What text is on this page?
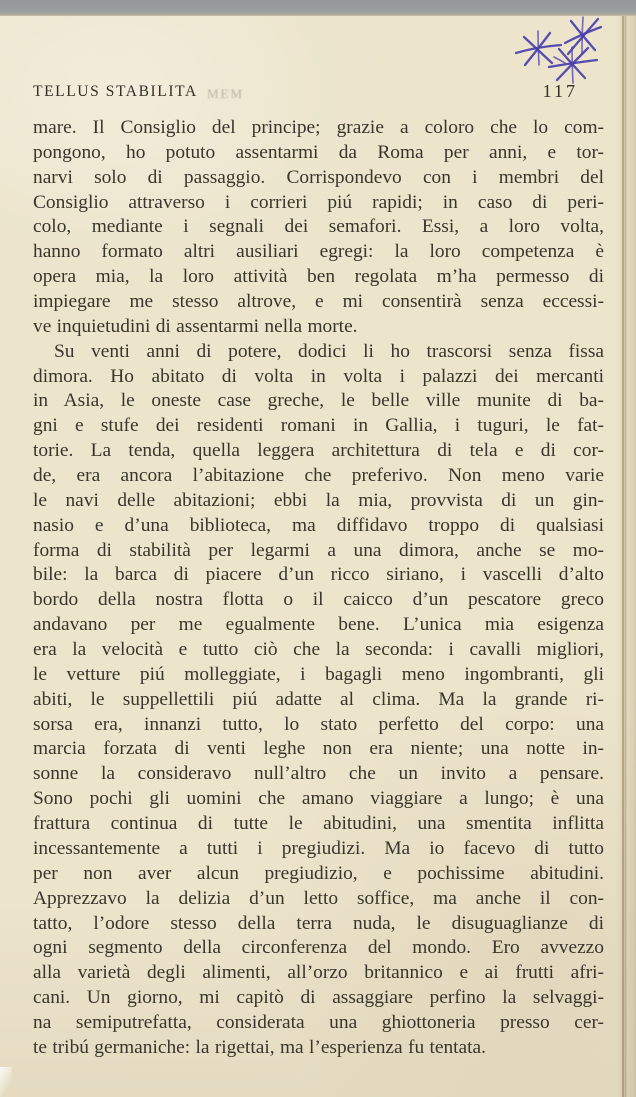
TELLUS STABILITA MEM	117
mare. Il Consiglio del principe; grazie a coloro che lo com-
pongono, ho potuto assentarmi da Roma per anni, e tor-
narvi solo di passaggio. Corrispondevo con i membri del
Consiglio attraverso i corrieri piú rapidi; in caso di peri-
colo, mediante i segnali dei semafori. Essi, a loro volta,
hanno formato altri ausiliari egregi: la loro competenza è
opera mia, la loro attività ben regolata m’ha permesso di
impiegare me stesso altrove, e mi consentirà senza eccessi-
ve inquietudini di assentarmi nella morte.
Su venti anni di potere, dodici li ho trascorsi senza fissa
dimora. Ho abitato di volta in volta i palazzi dei mercanti
in Asia, le oneste case greche, le belle ville munite di ba-
gni e stufe dei residenti romani in Gallia, i tuguri, le fat-
torie. La tenda, quella leggera architettura di tela e di cor-
de, era ancora l’abitazione che preferivo. Non meno varie
le navi delle abitazioni; ebbi la mia, provvista di un gin-
nasio e d’una biblioteca, ma diffidavo troppo di qualsiasi
forma di stabilità per legarmi a una dimora, anche se mo-
bile: la barca di piacere d’un ricco siriano, i vascelli d’alto
bordo della nostra flotta o il caicco d’un pescatore greco
andavano per me egualmente bene. L’unica mia esigenza
era la velocità e tutto ciò che la seconda: i cavalli migliori,
le vetture piú molleggiate, i bagagli meno ingombranti, gli
abiti, le suppellettili piú adatte al clima. Ma la grande ri-
sorsa era, innanzi tutto, lo stato perfetto del corpo: una
marcia forzata di venti leghe non era niente; una notte in-
sonne la consideravo null’altro che un invito a pensare.
Sono pochi gli uomini che amano viaggiare a lungo; è una
frattura continua di tutte le abitudini, una smentita inflitta
incessantemente a tutti i pregiudizi. Ma io facevo di tutto
per non aver alcun pregiudizio, e pochissime abitudini.
Apprezzavo la delizia d’un letto soffice, ma anche il con-
tatto, l’odore stesso della terra nuda, le disuguaglianze di
ogni segmento della circonferenza del mondo. Ero avvezzo
alla varietà degli alimenti, all’orzo britannico e ai frutti afri-
cani. Un giorno, mi capitò di assaggiare perfino la selvaggi-
na semiputrefatta, considerata una ghiottoneria presso cer-
te tribú germaniche: la rigettai, ma l’esperienza fu tentata.
